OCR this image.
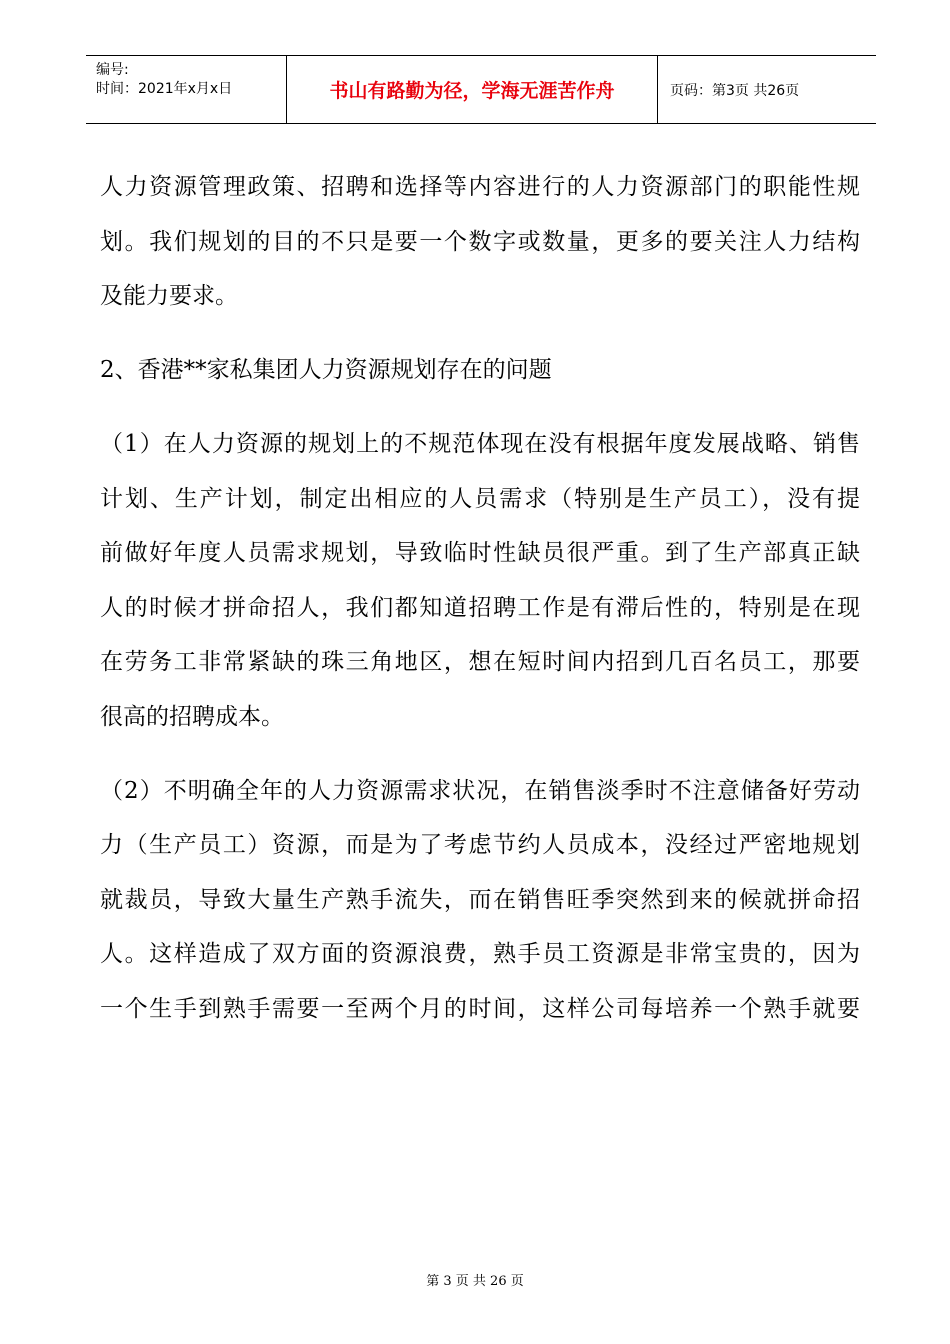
编号:
时间：2021年x月x日	书山有路勤为径，学海无涯苦作舟	页码：第3页 共26页
人力资源管理政策、招聘和选择等内容进行的人力资源部门的职能性规
划。我们规划的目的不只是要一个数字或数量，更多的要关注人力结构
及能力要求。
2、香港**家私集团人力资源规划存在的问题
（1）在人力资源的规划上的不规范体现在没有根据年度发展战略、销售
计划、生产计划，制定出相应的人员需求（特别是生产员工），没有提
前做好年度人员需求规划，导致临时性缺员很严重。到了生产部真正缺
人的时候才拼命招人，我们都知道招聘工作是有滞后性的，特别是在现
在劳务工非常紧缺的珠三角地区，想在短时间内招到几百名员工，那要
很高的招聘成本。
（2）不明确全年的人力资源需求状况，在销售淡季时不注意储备好劳动
力（生产员工）资源，而是为了考虑节约人员成本，没经过严密地规划
就裁员，导致大量生产熟手流失，而在销售旺季突然到来的候就拼命招
人。这样造成了双方面的资源浪费，熟手员工资源是非常宝贵的，因为
一个生手到熟手需要一至两个月的时间，这样公司每培养一个熟手就要
第 3 页 共 26 页
